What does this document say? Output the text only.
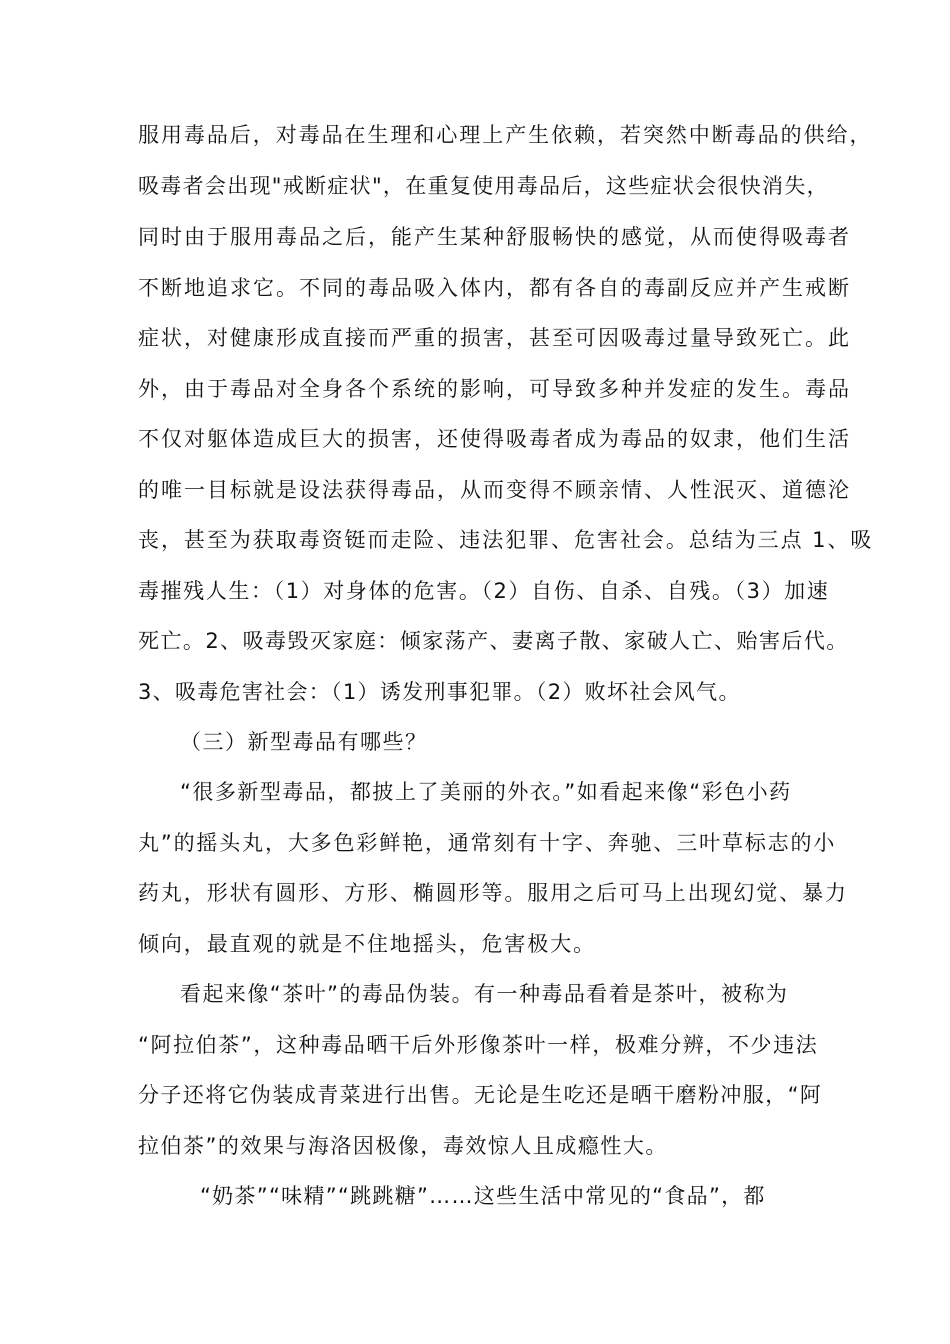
服用毒品后，对毒品在生理和心理上产生依赖，若突然中断毒品的供给，
吸毒者会出现"戒断症状"，在重复使用毒品后，这些症状会很快消失，
同时由于服用毒品之后，能产生某种舒服畅快的感觉，从而使得吸毒者
不断地追求它。不同的毒品吸入体内，都有各自的毒副反应并产生戒断
症状，对健康形成直接而严重的损害，甚至可因吸毒过量导致死亡。此
外，由于毒品对全身各个系统的影响，可导致多种并发症的发生。毒品
不仅对躯体造成巨大的损害，还使得吸毒者成为毒品的奴隶，他们生活
的唯一目标就是设法获得毒品，从而变得不顾亲情、人性泯灭、道德沦
丧，甚至为获取毒资铤而走险、违法犯罪、危害社会。总结为三点 1、吸
毒摧残人生：（1）对身体的危害。（2）自伤、自杀、自残。（3）加速
死亡。2、吸毒毁灭家庭：倾家荡产、妻离子散、家破人亡、贻害后代。
3、吸毒危害社会：（1）诱发刑事犯罪。（2）败坏社会风气。
（三）新型毒品有哪些？
“很多新型毒品，都披上了美丽的外衣。”如看起来像“彩色小药
丸”的摇头丸，大多色彩鲜艳，通常刻有十字、奔驰、三叶草标志的小
药丸，形状有圆形、方形、椭圆形等。服用之后可马上出现幻觉、暴力
倾向，最直观的就是不住地摇头，危害极大。
看起来像“茶叶”的毒品伪装。有一种毒品看着是茶叶，被称为
“阿拉伯茶”，这种毒品晒干后外形像茶叶一样，极难分辨，不少违法
分子还将它伪装成青菜进行出售。无论是生吃还是晒干磨粉冲服，“阿
拉伯茶”的效果与海洛因极像，毒效惊人且成瘾性大。
“奶茶”“味精”“跳跳糖”……这些生活中常见的“食品”，都
